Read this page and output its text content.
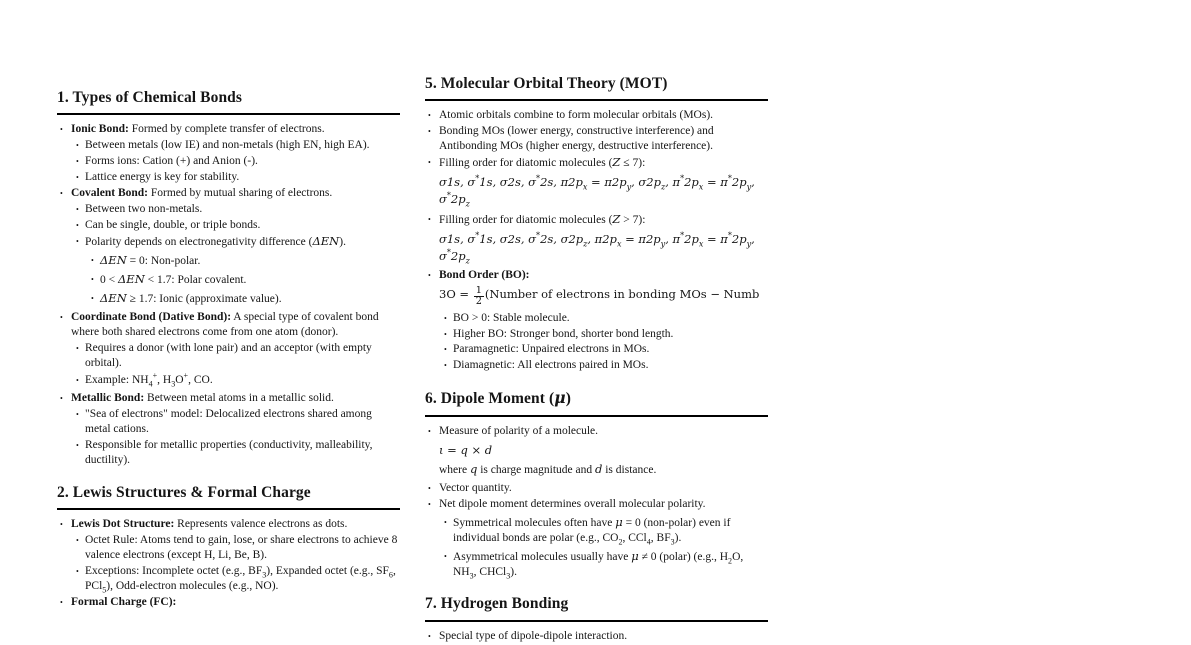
1. Types of Chemical Bonds
• Ionic Bond: Formed by complete transfer of electrons.
• Between metals (low IE) and non-metals (high EN, high EA).
• Forms ions: Cation (+) and Anion (-).
• Lattice energy is key for stability.
• Covalent Bond: Formed by mutual sharing of electrons.
• Between two non-metals.
• Can be single, double, or triple bonds.
• Polarity depends on electronegativity difference (ΔEN).
• ΔEN = 0: Non-polar.
• 0 < ΔEN < 1.7: Polar covalent.
• ΔEN ≥ 1.7: Ionic (approximate value).
• Coordinate Bond (Dative Bond): A special type of covalent bond where both shared electrons come from one atom (donor).
• Requires a donor (with lone pair) and an acceptor (with empty orbital).
• Example: $NH_4^+$, $H_3O^+$, CO.
• Metallic Bond: Between metal atoms in a metallic solid.
• "Sea of electrons" model: Delocalized electrons shared among metal cations.
• Responsible for metallic properties (conductivity, malleability, ductility).
2. Lewis Structures & Formal Charge
• Lewis Dot Structure: Represents valence electrons as dots.
• Octet Rule: Atoms tend to gain, lose, or share electrons to achieve 8 valence electrons (except H, Li, Be, B).
• Exceptions: Incomplete octet (e.g., $BF_3$), Expanded octet (e.g., $SF_6$, PCl$_5$), Odd-electron molecules (e.g., NO).
• Formal Charge (FC):
5. Molecular Orbital Theory (MOT)
• Atomic orbitals combine to form molecular orbitals (MOs).
• Bonding MOs (lower energy, constructive interference) and Antibonding MOs (higher energy, destructive interference).
• Filling order for diatomic molecules (Z ≤ 7):
σ1s, σ*1s, σ2s, σ*2s, $\pi 2p_x = \pi 2p_y$, $\sigma 2p_z$, $\pi^*2p_x = \pi^*2p_y$, $\sigma^*2p_z$
• Filling order for diatomic molecules (Z > 7):
σ1s, σ*1s, σ2s, σ*2s, $\sigma 2p_z$, $\pi 2p_x = \pi 2p_y$, $\pi^*2p_x = \pi^*2p_y$, $\sigma^*2p_z$
• Bond Order (BO):
$3O = \frac{1}{2}$ (Number of electrons in bonding MOs − Numb
• BO > 0: Stable molecule.
• Higher BO: Stronger bond, shorter bond length.
• Paramagnetic: Unpaired electrons in MOs.
• Diamagnetic: All electrons paired in MOs.
6. Dipole Moment (μ)
• Measure of polarity of a molecule.
ι = q × d
where q is charge magnitude and d is distance.
• Vector quantity.
• Net dipole moment determines overall molecular polarity.
• Symmetrical molecules often have μ = 0 (non-polar) even if individual bonds are polar (e.g., $CO_2$, CCl$_4$, $BF_3$).
• Asymmetrical molecules usually have μ ≠ 0 (polar) (e.g., $H_2O$, $NH_3$, CHCl$_3$).
7. Hydrogen Bonding
• Special type of dipole-dipole interaction.
